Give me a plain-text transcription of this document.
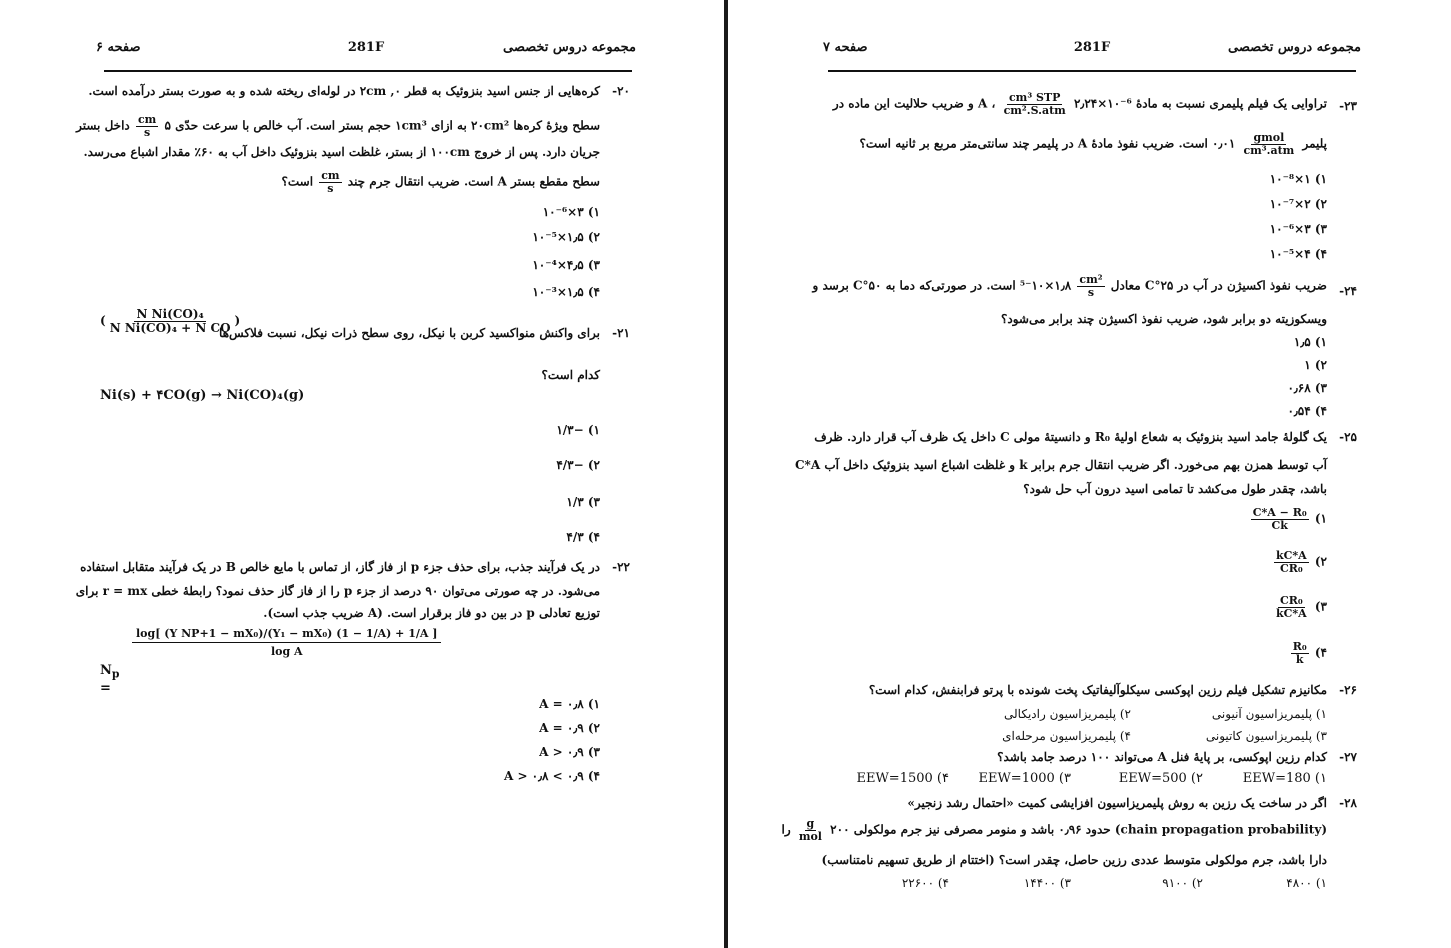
مجموعه دروس تخصصی
281F
صفحه ۶
۲۰-
کره‌هایی از جنس اسید بنزوئیک به قطر ۲cm ,۰ در لوله‌ای ریخته شده و به صورت بستر درآمده است.
سطح ویژهٔ کره‌ها ۲۰cm² به ازای ۱cm³ حجم بستر است. آب خالص با سرعت حدّی ۵
$\frac{cm}{s}$
داخل بستر
جریان دارد. پس از خروج ۱۰۰cm از بستر، غلظت اسید بنزوئیک داخل آب به ۶۰٪ مقدار اشباع می‌رسد.
سطح مقطع بستر A است. ضریب انتقال جرم چند
$\frac{cm}{s}$
است؟
۱) ۳×۱۰⁻⁶
۲) ۱٫۵×۱۰⁻⁵
۳) ۴٫۵×۱۰⁻⁴
۴) ۱٫۵×۱۰⁻³
۲۱-
برای واکنش منواکسید کربن با نیکل، روی سطح ذرات نیکل، نسبت فلاکس‌ها
( $\frac{\text{N Ni(CO)₄}}{\text{N Ni(CO)₄ + N CO}}$ )
کدام است؟
Ni(s) + ۴CO(g) → Ni(CO)₄(g)
۱) −۱/۳
۲) −۴/۳
۳) ۱/۳
۴) ۴/۳
۲۲-
در یک فرآیند جذب، برای حذف جزء p از فاز گاز، از تماس با مایع خالص B در یک فرآیند متقابل استفاده
می‌شود. در چه صورتی می‌توان ۹۰ درصد از جزء p را از فاز گاز حذف نمود؟ رابطهٔ خطی r = mx برای
توزیع تعادلی p در بین دو فاز برقرار است. (A ضریب جذب است).
$N_p$ =
log[ (Y NP+1 − mX₀)/(Y₁ − mX₀) (1 − 1/A) + 1/A ]
log A
۱) A = ۰٫۸
۲) A = ۰٫۹
۳) A > ۰٫۹
۴) ۰٫۹ > A > ۰٫۸
مجموعه دروس تخصصی
281F
صفحه ۷
۲۳-
تراوایی یک فیلم پلیمری نسبت به مادهٔ A ،
$\frac{\text{cm³ STP}}{\text{cm².S.atm}}$ ۲٫۲۴×۱۰⁻⁶ و ضریب حلالیت این ماده در
پلیمر
$\frac{\text{gmol}}{\text{cm³.atm}}$
۰٫۰۱ است. ضریب نفوذ مادهٔ A در پلیمر چند سانتی‌متر مربع بر ثانیه است؟
۱) ۱×۱۰⁻⁸
۲) ۲×۱۰⁻⁷
۳) ۳×۱۰⁻⁶
۴) ۴×۱۰⁻⁵
۲۴-
ضریب نفوذ اکسیژن در آب در ۲۵°C معادل
$\frac{\text{cm²}}{s}$
۱٫۸×۱۰⁻⁵ است. در صورتی‌که دما به ۵۰°C برسد و
ویسکوزیته دو برابر شود، ضریب نفوذ اکسیژن چند برابر می‌شود؟
۱) ۱٫۵
۲) ۱
۳) ۰٫۶۸
۴) ۰٫۵۴
۲۵-
یک گلولهٔ جامد اسید بنزوئیک به شعاع اولیهٔ R₀ و دانسیتهٔ مولی C داخل یک ظرف آب قرار دارد. ظرف
آب توسط همزن بهم می‌خورد. اگر ضریب انتقال جرم برابر k و غلظت اشباع اسید بنزوئیک داخل آب C*A
باشد، چقدر طول می‌کشد تا تمامی اسید درون آب حل شود؟
۱)
$\frac{\text{C*A − R₀}}{Ck}$
۲)
$\frac{kC*A}{\text{CR₀}}$
۳)
$\frac{\text{CR₀}}{kC*A}$
۴)
$\frac{\text{R₀}}{k}$
۲۶-
مکانیزم تشکیل فیلم رزین اپوکسی سیکلوآلیفاتیک پخت شونده با پرتو فرابنفش، کدام است؟
۱) پلیمریزاسیون آنیونی
۲) پلیمریزاسیون رادیکالی
۳) پلیمریزاسیون کاتیونی
۴) پلیمریزاسیون مرحله‌ای
۲۷-
کدام رزین اپوکسی، بر پایهٔ فنل A می‌تواند ۱۰۰ درصد جامد باشد؟
۱) EEW=180
۲) EEW=500
۳) EEW=1000
۴) EEW=1500
۲۸-
اگر در ساخت یک رزین به روش پلیمریزاسیون افزایشی کمیت «احتمال رشد زنجیر»
(chain propagation probability) حدود ۰٫۹۶ باشد و منومر مصرفی نیز جرم مولکولی ۲۰۰
$\frac{g}{\text{mol}}$
را
دارا باشد، جرم مولکولی متوسط عددی رزین حاصل، چقدر است؟ (اختتام از طریق تسهیم نامتناسب)
۱) ۴۸۰۰
۲) ۹۱۰۰
۳) ۱۴۴۰۰
۴) ۲۲۶۰۰
